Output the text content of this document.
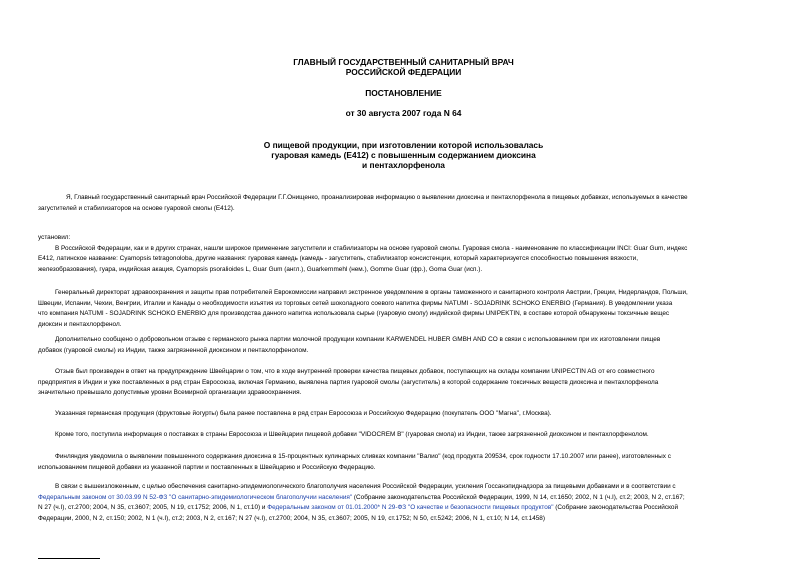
ГЛАВНЫЙ ГОСУДАРСТВЕННЫЙ САНИТАРНЫЙ ВРАЧ
РОССИЙСКОЙ ФЕДЕРАЦИИ
ПОСТАНОВЛЕНИЕ
от 30 августа 2007 года N 64
О пищевой продукции, при изготовлении которой использовалась
гуаровая камедь (E412) с повышенным содержанием диоксина
и пентахлорфенола
Я, Главный государственный санитарный врач Российской Федерации Г.Г.Онищенко, проанализировав информацию о выявлении диоксина и пентахлорфенола в пищевых добавках, используемых в качестве
загустителей и стабилизаторов на основе гуаровой смолы (E412).
установил:
В Российской Федерации, как и в других странах, нашли широкое применение загустители и стабилизаторы на основе гуаровой смолы. Гуаровая смола - наименование по классификации INCI: Guar Gum, индекс
E412, латинское название: Cyamopsis tetragonoloba, другие названия: гуаровая камедь (камедь - загуститель, стабилизатор консистенции, который характеризуется способностью повышения вязкости,
железобразования), гуара, индийская акация, Cyamopsis psoralioides L, Guar Gum (англ.), Guarkernmehl (нем.), Gomme Guar (фр.), Goma Guar (исп.).
Генеральный директорат здравоохранения и защиты прав потребителей Еврокомиссии направил экстренное уведомление в органы таможенного и санитарного контроля Австрии, Греции, Нидерландов, Польши,
Швеции, Испании, Чехии, Венгрии, Италии и Канады о необходимости изъятия из торговых сетей шоколадного соевого напитка фирмы NATUMI - SOJADRINK SCHOKO ENERBIO (Германия). В уведомлении указа
что компания NATUMI - SOJADRINK SCHOKO ENERBIO для производства данного напитка использовала сырье (гуаровую смолу) индийской фирмы UNIPEKTIN, в составе которой обнаружены токсичные вещес
диоксин и пентахлорфенол.
Дополнительно сообщено о добровольном отзыве с германского рынка партии молочной продукции компании KARWENDEL HUBER GMBH AND CO в связи с использованием при их изготовлении пищев
добавок (гуаровой смолы) из Индии, также загрязненной диоксином и пентахлорфенолом.
Отзыв был произведен в ответ на предупреждение Швейцарии о том, что в ходе внутренней проверки качества пищевых добавок, поступающих на склады компании UNIPECTIN AG от его совместного
предприятия в Индии и уже поставленных в ряд стран Евросоюза, включая Германию, выявлена партия гуаровой смолы (загуститель) в которой содержание токсичных веществ диоксина и пентахлорфенола
значительно превышало допустимые уровни Всемирной организации здравоохранения.
Указанная германская продукция (фруктовые йогурты) была ранее поставлена в ряд стран Евросоюза и Российскую Федерацию (покупатель ООО "Магна", г.Москва).
Кроме того, поступила информация о поставках в страны Евросоюза и Швейцарии пищевой добавки "VIDOCREM B" (гуаровая смола) из Индии, также загрязненной диоксином и пентахлорфенолом.
Финляндия уведомила о выявлении повышенного содержания диоксина в 15-процентных кулинарных сливках компании "Валио" (код продукта 209534, срок годности 17.10.2007 или ранее), изготовленных с
использованием пищевой добавки из указанной партии и поставленных в Швейцарию и Российскую Федерацию.
В связи с вышеизложенным, с целью обеспечения санитарно-эпидемиологического благополучия населения Российской Федерации, усиления Госсанэпиднадзора за пищевыми добавками и в соответствии с
Федеральным законом от 30.03.99 N 52-ФЗ "О санитарно-эпидемиологическом благополучии населения" (Собрание законодательства Российской Федерации, 1999, N 14, ст.1650; 2002, N 1 (ч.I), ст.2; 2003, N 2, ст.167;
N 27 (ч.I), ст.2700; 2004, N 35, ст.3607; 2005, N 19, ст.1752; 2006, N 1, ст.10) и Федеральным законом от 01.01.2000* N 29-ФЗ "О качестве и безопасности пищевых продуктов" (Собрание законодательства Российской
Федерации, 2000, N 2, ст.150; 2002, N 1 (ч.I), ст.2; 2003, N 2, ст.167; N 27 (ч.I), ст.2700; 2004, N 35, ст.3607; 2005, N 19, ст.1752; N 50, ст.5242; 2006, N 1, ст.10; N 14, ст.1458)
